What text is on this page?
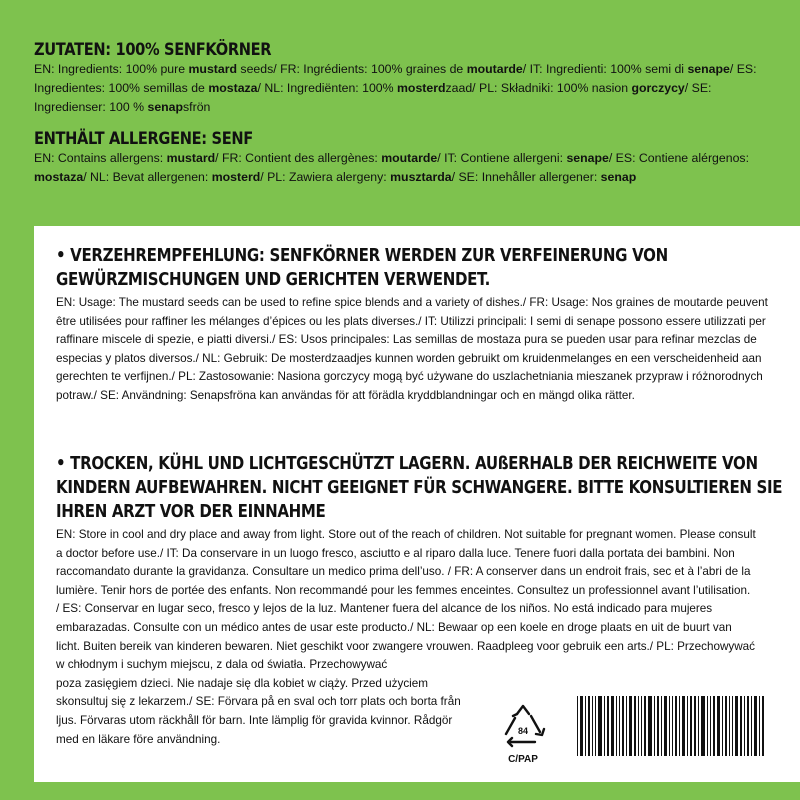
ZUTATEN: 100% SENFKÖRNER

EN: Ingredients: 100% pure mustard seeds/ FR: Ingrédients: 100% graines de moutarde/ IT: Ingredienti: 100% semi di senape/ ES: Ingredientes: 100% semillas de mostaza/ NL: Ingrediënten: 100% mosterdzaad/ PL: Składniki: 100% nasion gorczycy/ SE: Ingredienser: 100 % senapsfrön

ENTHÄLT ALLERGENE: SENF

EN: Contains allergens: mustard/ FR: Contient des allergènes: moutarde/ IT: Contiene allergeni: senape/ ES: Contiene alérgenos: mostaza/ NL: Bevat allergenen: mosterd/ PL: Zawiera alergeny: musztarda/ SE: Innehåller allergener: senap

• VERZEHREMPFEHLUNG: SENFKÖRNER WERDEN ZUR VERFEINERUNG VON GEWÜRZMISCHUNGEN UND GERICHTEN VERWENDET.

EN: Usage: The mustard seeds can be used to refine spice blends and a variety of dishes./ FR: Usage: Nos graines de moutarde peuvent être utilisées pour raffiner les mélanges d’épices ou les plats diverses./ IT: Utilizzi principali: I semi di senape possono essere utilizzati per raffinare miscele di spezie, e piatti diversi./ ES: Usos principales: Las semillas de mostaza pura se pueden usar para refinar mezclas de especias y platos diversos./ NL: Gebruik: De mosterdzaadjes kunnen worden gebruikt om kruidenmelanges en een verscheidenheid aan gerechten te verfijnen./ PL: Zastosowanie: Nasiona gorczycy mogą być używane do uszlachetniania mieszanek przypraw i różnorodnych potraw./ SE: Användning: Senapsfröna kan användas för att förädla kryddblandningar och en mängd olika rätter.

• TROCKEN, KÜHL UND LICHTGESCHÜTZT LAGERN. AUßERHALB DER REICHWEITE VON KINDERN AUFBEWAHREN. NICHT GEEIGNET FÜR SCHWANGERE. BITTE KONSULTIEREN SIE IHREN ARZT VOR DER EINNAHME

EN: Store in cool and dry place and away from light. Store out of the reach of children. Not suitable for pregnant women. Please consult a doctor before use./ IT: Da conservare in un luogo fresco, asciutto e al riparo dalla luce. Tenere fuori dalla portata dei bambini. Non raccomandato durante la gravidanza. Consultare un medico prima dell’uso. / FR: A conserver dans un endroit frais, sec et à l’abri de la lumière. Tenir hors de portée des enfants. Non recommandé pour les femmes enceintes. Consultez un professionnel avant l’utilisation. / ES: Conservar en lugar seco, fresco y lejos de la luz. Mantener fuera del alcance de los niños. No está indicado para mujeres embarazadas. Consulte con un médico antes de usar este producto./ NL: Bewaar op een koele en droge plaats en uit de buurt van licht. Buiten bereik van kinderen bewaren. Niet geschikt voor zwangere vrouwen. Raadpleeg voor gebruik een arts./ PL: Przechowywać w chłodnym i suchym miejscu, z dala od światła. Przechowywać
poza zasięgiem dzieci. Nie nadaje się dla kobiet w ciąży. Przed użyciem skonsultuj się z lekarzem./ SE: Förvara på en sval och torr plats och borta från ljus. Förvaras utom räckhåll för barn. Inte lämplig för gravida kvinnor. Rådgör med en läkare före användning.

84
C/PAP
